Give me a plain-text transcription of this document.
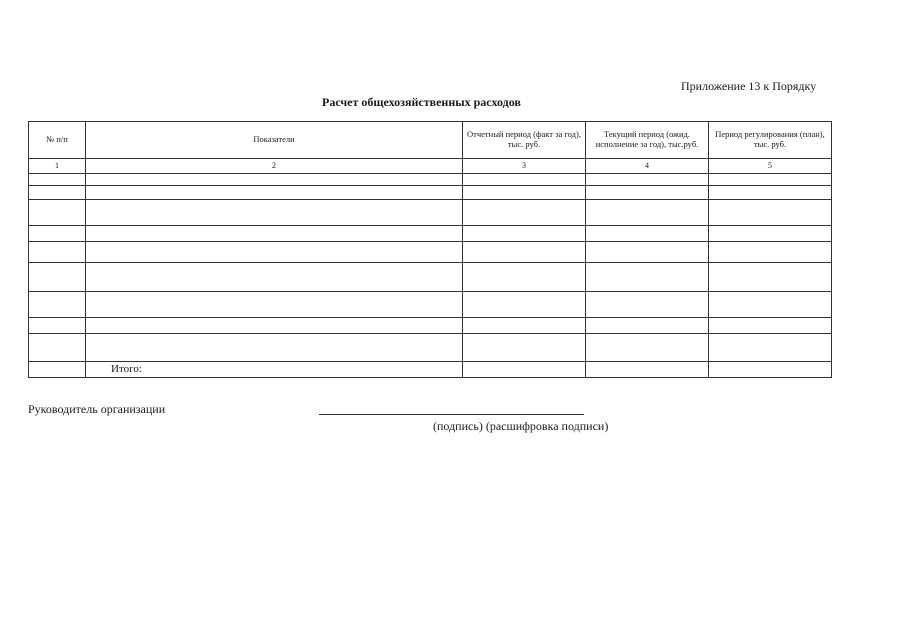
Приложение 13 к Порядку
Расчет общехозяйственных расходов
№ п/п	Показатели	Отчетный период (факт за год), тыс. руб.	Текущий период (ожид. исполнение за год), тыс.руб.	Период регулирования (план), тыс. руб.
1	2	3	4	5

	Итого:			
Руководитель организации
(подпись) (расшифровка подписи)
